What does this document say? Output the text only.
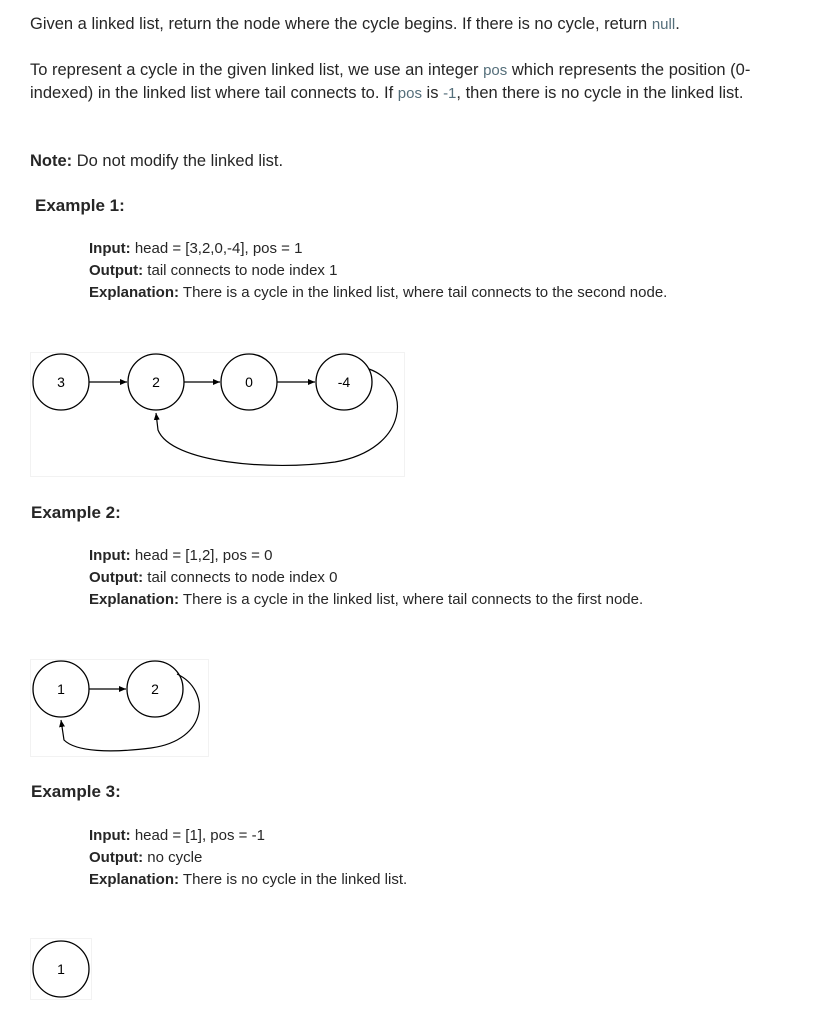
Given a linked list, return the node where the cycle begins. If there is no cycle, return null.

To represent a cycle in the given linked list, we use an integer pos which represents the position (0-indexed) in the linked list where tail connects to. If pos is -1, then there is no cycle in the linked list.

Note: Do not modify the linked list.

Example 1:

Input: head = [3,2,0,-4], pos = 1
Output: tail connects to node index 1
Explanation: There is a cycle in the linked list, where tail connects to the second node.
3	2	0	-4

Example 2:

Input: head = [1,2], pos = 0
Output: tail connects to node index 0
Explanation: There is a cycle in the linked list, where tail connects to the first node.
1	2

Example 3:

Input: head = [1], pos = -1
Output: no cycle
Explanation: There is no cycle in the linked list.
1
